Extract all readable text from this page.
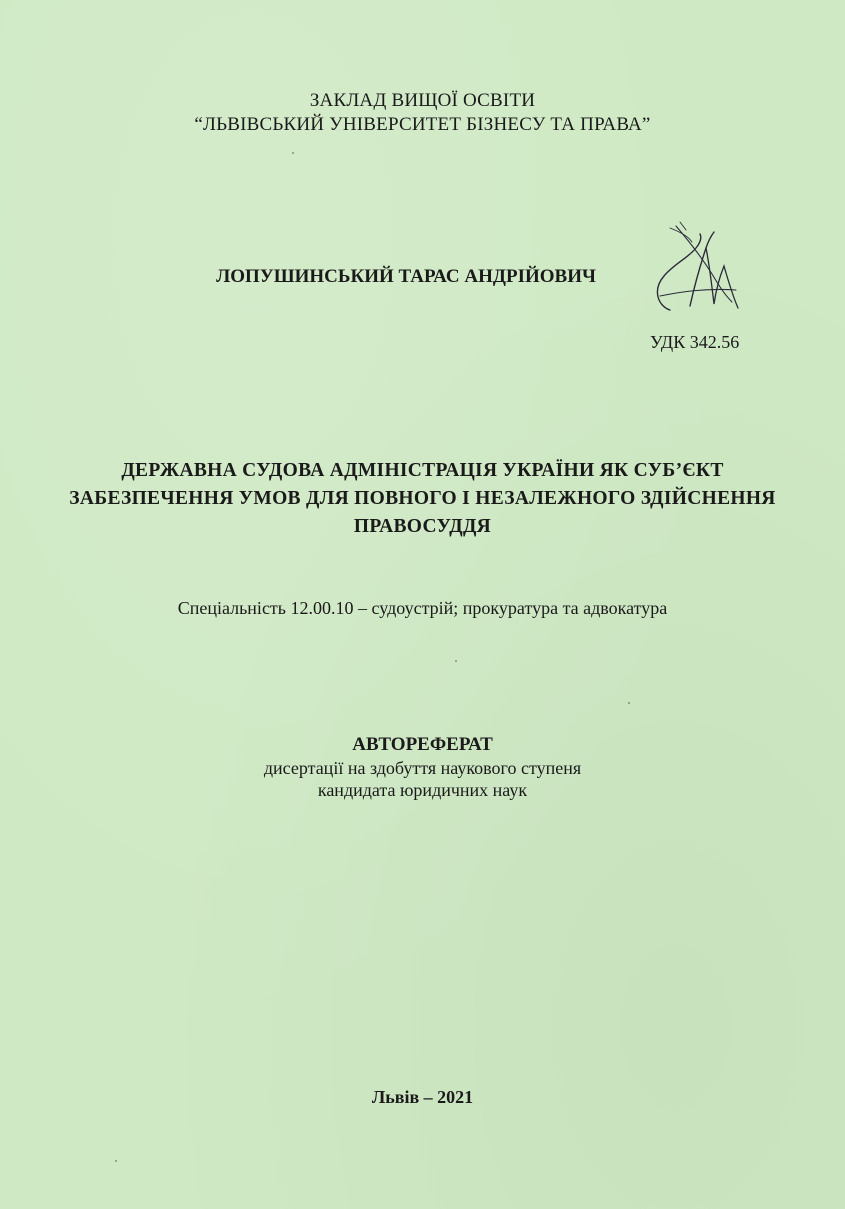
ЗАКЛАД ВИЩОЇ ОСВІТИ
“ЛЬВІВСЬКИЙ УНІВЕРСИТЕТ БІЗНЕСУ ТА ПРАВА”
ЛОПУШИНСЬКИЙ ТАРАС АНДРІЙОВИЧ
УДК 342.56
ДЕРЖАВНА СУДОВА АДМІНІСТРАЦІЯ УКРАЇНИ ЯК СУБ’ЄКТ
ЗАБЕЗПЕЧЕННЯ УМОВ ДЛЯ ПОВНОГО І НЕЗАЛЕЖНОГО ЗДІЙСНЕННЯ
ПРАВОСУДДЯ
Спеціальність 12.00.10 – судоустрій; прокуратура та адвокатура
АВТОРЕФЕРАТ
дисертації на здобуття наукового ступеня
кандидата юридичних наук
Львів – 2021
